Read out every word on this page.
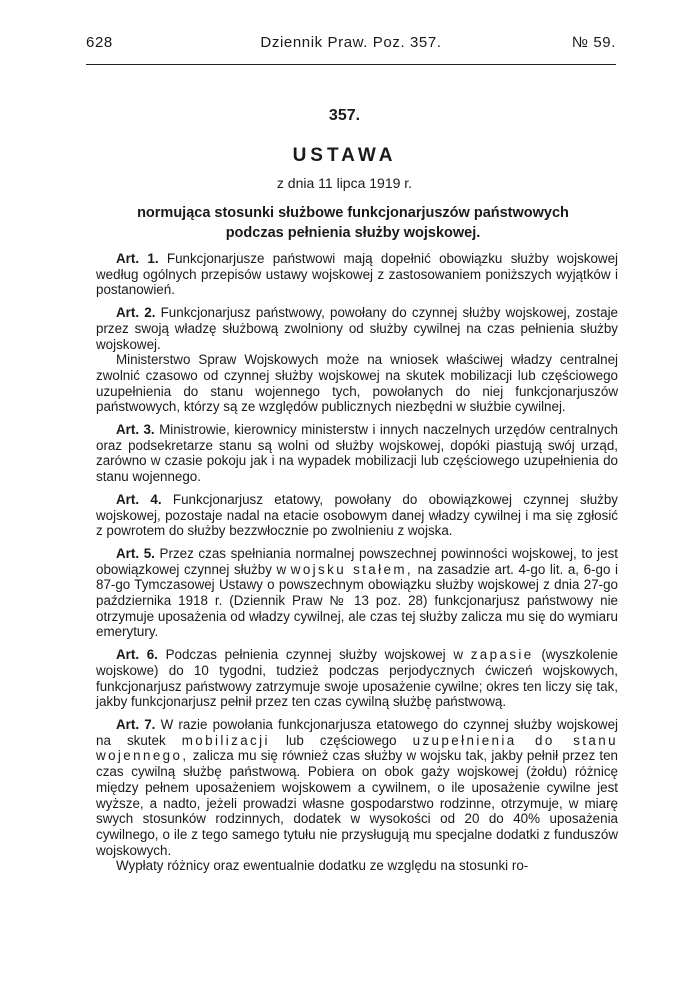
628	Dziennik Praw. Poz. 357.	№ 59.
357.
USTAWA
z dnia 11 lipca 1919 r.
normująca stosunki służbowe funkcjonarjuszów państwowych
podczas pełnienia służby wojskowej.

Art. 1. Funkcjonarjusze państwowi mają dopełnić obowiązku służby wojskowej według ogólnych przepisów ustawy wojskowej z zastosowaniem poniższych wyjątków i postanowień.

Art. 2. Funkcjonarjusz państwowy, powołany do czynnej służby wojskowej, zostaje przez swoją władzę służbową zwolniony od służby cywilnej na czas pełnienia służby wojskowej.

Ministerstwo Spraw Wojskowych może na wniosek właściwej władzy centralnej zwolnić czasowo od czynnej służby wojskowej na skutek mobilizacji lub częściowego uzupełnienia do stanu wojennego tych, powołanych do niej funkcjonarjuszów państwowych, którzy są ze względów publicznych niezbędni w służbie cywilnej.

Art. 3. Ministrowie, kierownicy ministerstw i innych naczelnych urzędów centralnych oraz podsekretarze stanu są wolni od służby wojskowej, dopóki piastują swój urząd, zarówno w czasie pokoju jak i na wypadek mobilizacji lub częściowego uzupełnienia do stanu wojennego.

Art. 4. Funkcjonarjusz etatowy, powołany do obowiązkowej czynnej służby wojskowej, pozostaje nadal na etacie osobowym danej władzy cywilnej i ma się zgłosić z powrotem do służby bezzwłocznie po zwolnieniu z wojska.

Art. 5. Przez czas spełniania normalnej powszechnej powinności wojskowej, to jest obowiązkowej czynnej służby w wojsku stałem, na zasadzie art. 4-go lit. a, 6-go i 87-go Tymczasowej Ustawy o powszechnym obowiązku służby wojskowej z dnia 27-go października 1918 r. (Dziennik Praw № 13 poz. 28) funkcjonarjusz państwowy nie otrzymuje uposażenia od władzy cywilnej, ale czas tej służby zalicza mu się do wymiaru emerytury.

Art. 6. Podczas pełnienia czynnej służby wojskowej w zapasie (wyszkolenie wojskowe) do 10 tygodni, tudzież podczas perjodycznych ćwiczeń wojskowych, funkcjonarjusz państwowy zatrzymuje swoje uposażenie cywilne; okres ten liczy się tak, jakby funkcjonarjusz pełnił przez ten czas cywilną służbę państwową.

Art. 7. W razie powołania funkcjonarjusza etatowego do czynnej służby wojskowej na skutek mobilizacji lub częściowego uzupełnienia do stanu wojennego, zalicza mu się również czas służby w wojsku tak, jakby pełnił przez ten czas cywilną służbę państwową. Pobiera on obok gaży wojskowej (żołdu) różnicę między pełnem uposażeniem wojskowem a cywilnem, o ile uposażenie cywilne jest wyższe, a nadto, jeżeli prowadzi własne gospodarstwo rodzinne, otrzymuje, w miarę swych stosunków rodzinnych, dodatek w wysokości od 20 do 40% uposażenia cywilnego, o ile z tego samego tytułu nie przysługują mu specjalne dodatki z funduszów wojskowych.

Wypłaty różnicy oraz ewentualnie dodatku ze względu na stosunki ro-
